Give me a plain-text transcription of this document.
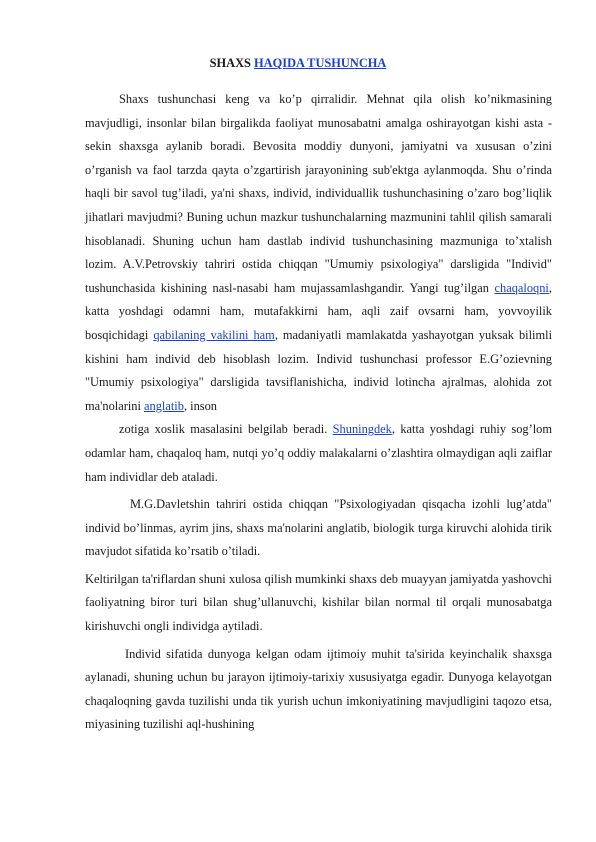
SHAXS HAQIDA TUSHUNCHA

Shaxs tushunchasi keng va ko’p qirralidir. Mehnat qila olish ko’nikmasining mavjudligi, insonlar bilan birgalikda faoliyat munosabatni amalga oshirayotgan kishi asta - sekin shaxsga aylanib boradi. Bevosita moddiy dunyoni, jamiyatni va xususan o’zini o’rganish va faol tarzda qayta o’zgartirish jarayonining sub'ektga aylanmoqda. Shu o’rinda haqli bir savol tug’iladi, ya'ni shaxs, individ, individuallik tushunchasining o’zaro bog’liqlik jihatlari mavjudmi? Buning uchun mazkur tushunchalarning mazmunini tahlil qilish samarali hisoblanadi. Shuning uchun ham dastlab individ tushunchasining mazmuniga to’xtalish lozim. A.V.Petrovskiy tahriri ostida chiqqan "Umumiy psixologiya" darsligida "Individ" tushunchasida kishining nasl-nasabi ham mujassamlashgandir. Yangi tug’ilgan chaqaloqni, katta yoshdagi odamni ham, mutafakkirni ham, aqli zaif ovsarni ham, yovvoyilik bosqichidagi qabilaning vakilini ham, madaniyatli mamlakatda yashayotgan yuksak bilimli kishini ham individ deb hisoblash lozim. Individ tushunchasi professor E.G’ozievning "Umumiy psixologiya" darsligida tavsiflanishicha, individ lotincha ajralmas, alohida zot ma'nolarini anglatib, inson

zotiga xoslik masalasini belgilab beradi. Shuningdek, katta yoshdagi ruhiy sog’lom odamlar ham, chaqaloq ham, nutqi yo’q oddiy malakalarni o’zlashtira olmaydigan aqli zaiflar ham individlar deb ataladi.

M.G.Davletshin tahriri ostida chiqqan "Psixologiyadan qisqacha izohli lug’atda" individ bo’linmas, ayrim jins, shaxs ma'nolarini anglatib, biologik turga kiruvchi alohida tirik mavjudot sifatida ko’rsatib o’tiladi.

Keltirilgan ta'riflardan shuni xulosa qilish mumkinki shaxs deb muayyan jamiyatda yashovchi faoliyatning biror turi bilan shug’ullanuvchi, kishilar bilan normal til orqali munosabatga kirishuvchi ongli individga aytiladi.

Individ sifatida dunyoga kelgan odam ijtimoiy muhit ta'sirida keyinchalik shaxsga aylanadi, shuning uchun bu jarayon ijtimoiy-tarixiy xususiyatga egadir. Dunyoga kelayotgan chaqaloqning gavda tuzilishi unda tik yurish uchun imkoniyatining mavjudligini taqozo etsa, miyasining tuzilishi aql-hushining
